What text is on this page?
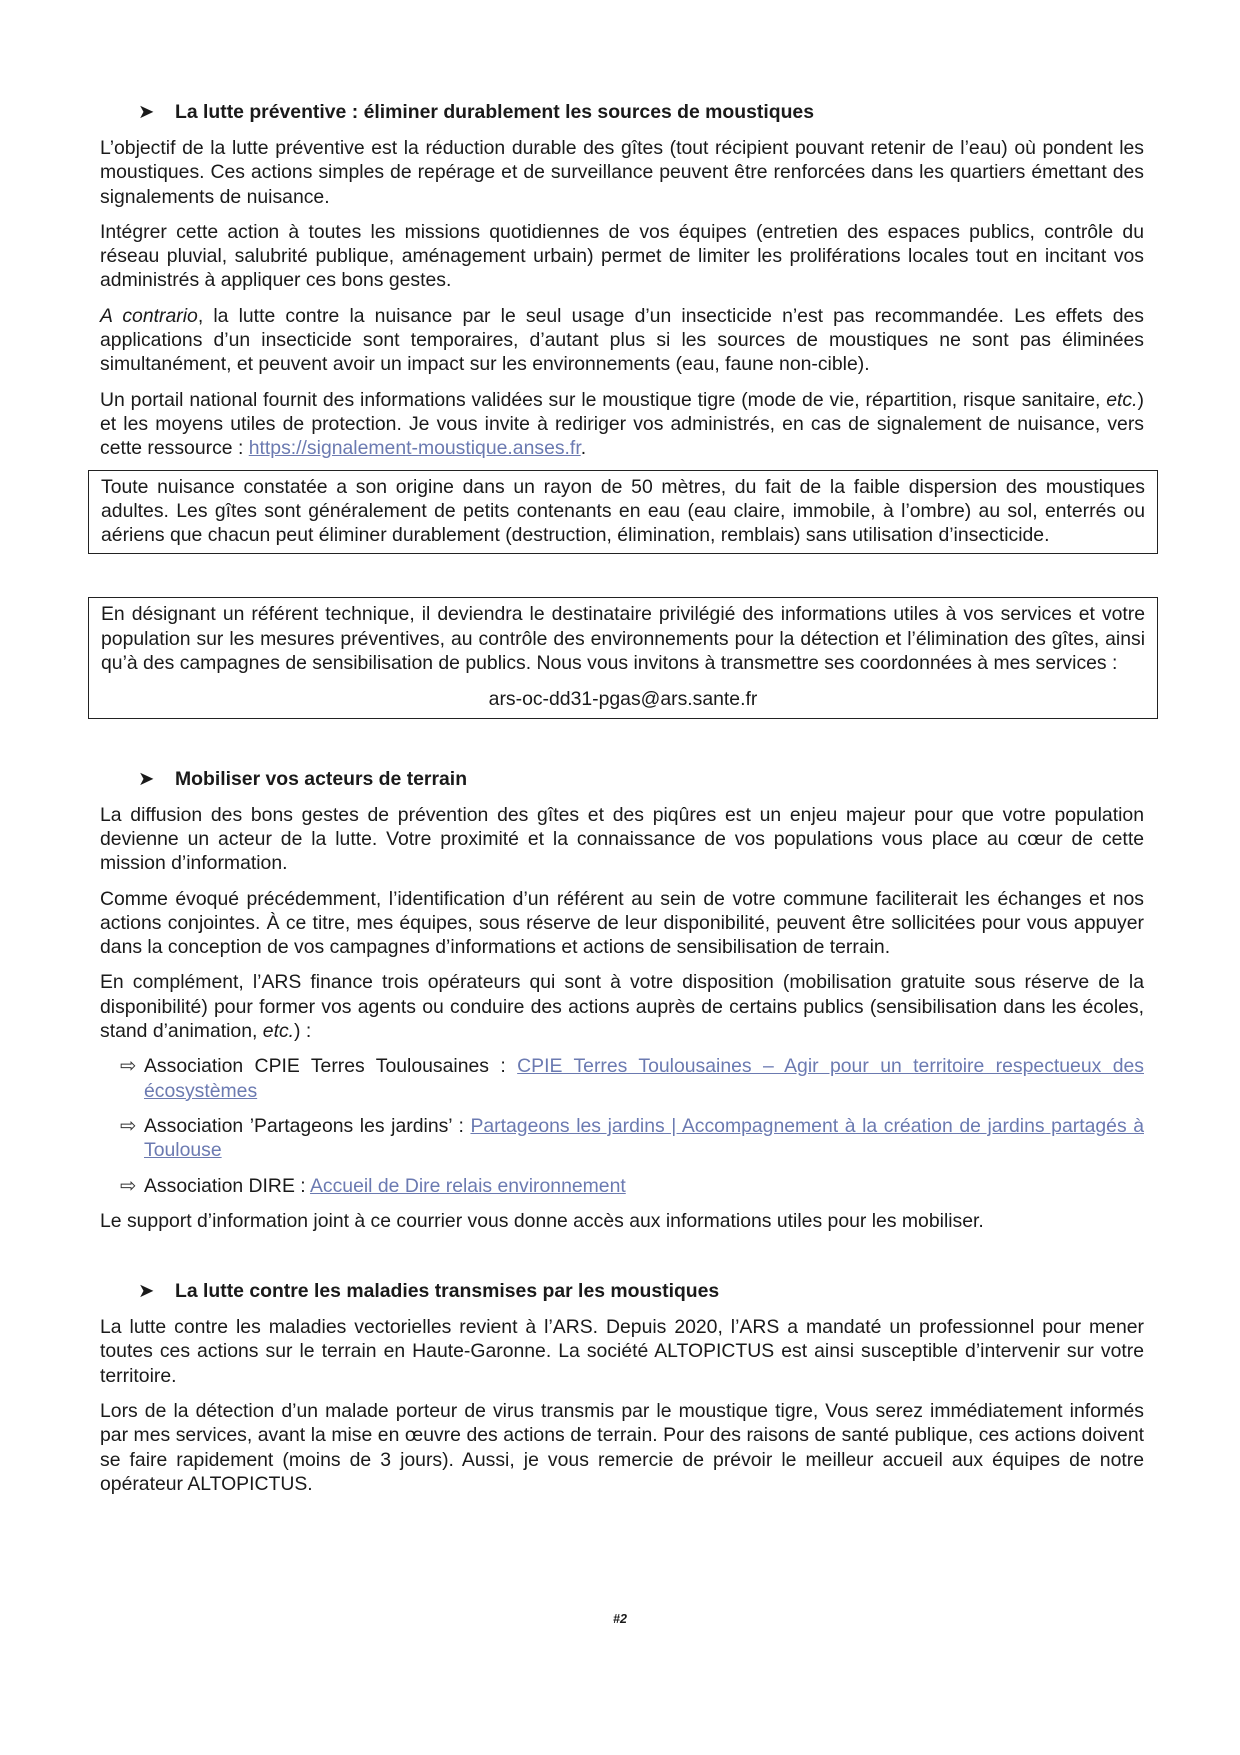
➤ La lutte préventive : éliminer durablement les sources de moustiques

L’objectif de la lutte préventive est la réduction durable des gîtes (tout récipient pouvant retenir de l’eau) où pondent les moustiques. Ces actions simples de repérage et de surveillance peuvent être renforcées dans les quartiers émettant des signalements de nuisance.

Intégrer cette action à toutes les missions quotidiennes de vos équipes (entretien des espaces publics, contrôle du réseau pluvial, salubrité publique, aménagement urbain) permet de limiter les proliférations locales tout en incitant vos administrés à appliquer ces bons gestes.

A contrario, la lutte contre la nuisance par le seul usage d’un insecticide n’est pas recommandée. Les effets des applications d’un insecticide sont temporaires, d’autant plus si les sources de moustiques ne sont pas éliminées simultanément, et peuvent avoir un impact sur les environnements (eau, faune non-cible).

Un portail national fournit des informations validées sur le moustique tigre (mode de vie, répartition, risque sanitaire, etc.) et les moyens utiles de protection. Je vous invite à rediriger vos administrés, en cas de signalement de nuisance, vers cette ressource : https://signalement-moustique.anses.fr.

Toute nuisance constatée a son origine dans un rayon de 50 mètres, du fait de la faible dispersion des moustiques adultes. Les gîtes sont généralement de petits contenants en eau (eau claire, immobile, à l’ombre) au sol, enterrés ou aériens que chacun peut éliminer durablement (destruction, élimination, remblais) sans utilisation d’insecticide.

En désignant un référent technique, il deviendra le destinataire privilégié des informations utiles à vos services et votre population sur les mesures préventives, au contrôle des environnements pour la détection et l’élimination des gîtes, ainsi qu’à des campagnes de sensibilisation de publics. Nous vous invitons à transmettre ses coordonnées à mes services :

ars-oc-dd31-pgas@ars.sante.fr

➤ Mobiliser vos acteurs de terrain

La diffusion des bons gestes de prévention des gîtes et des piqûres est un enjeu majeur pour que votre population devienne un acteur de la lutte. Votre proximité et la connaissance de vos populations vous place au cœur de cette mission d’information.

Comme évoqué précédemment, l’identification d’un référent au sein de votre commune faciliterait les échanges et nos actions conjointes. À ce titre, mes équipes, sous réserve de leur disponibilité, peuvent être sollicitées pour vous appuyer dans la conception de vos campagnes d’informations et actions de sensibilisation de terrain.

En complément, l’ARS finance trois opérateurs qui sont à votre disposition (mobilisation gratuite sous réserve de la disponibilité) pour former vos agents ou conduire des actions auprès de certains publics (sensibilisation dans les écoles, stand d’animation, etc.) :

⇨ Association CPIE Terres Toulousaines : CPIE Terres Toulousaines – Agir pour un territoire respectueux des écosystèmes
⇨ Association ’Partageons les jardins’ : Partageons les jardins | Accompagnement à la création de jardins partagés à Toulouse
⇨ Association DIRE : Accueil de Dire relais environnement

Le support d’information joint à ce courrier vous donne accès aux informations utiles pour les mobiliser.

➤ La lutte contre les maladies transmises par les moustiques

La lutte contre les maladies vectorielles revient à l’ARS. Depuis 2020, l’ARS a mandaté un professionnel pour mener toutes ces actions sur le terrain en Haute-Garonne. La société ALTOPICTUS est ainsi susceptible d’intervenir sur votre territoire.

Lors de la détection d’un malade porteur de virus transmis par le moustique tigre, Vous serez immédiatement informés par mes services, avant la mise en œuvre des actions de terrain. Pour des raisons de santé publique, ces actions doivent se faire rapidement (moins de 3 jours). Aussi, je vous remercie de prévoir le meilleur accueil aux équipes de notre opérateur ALTOPICTUS.

#2
